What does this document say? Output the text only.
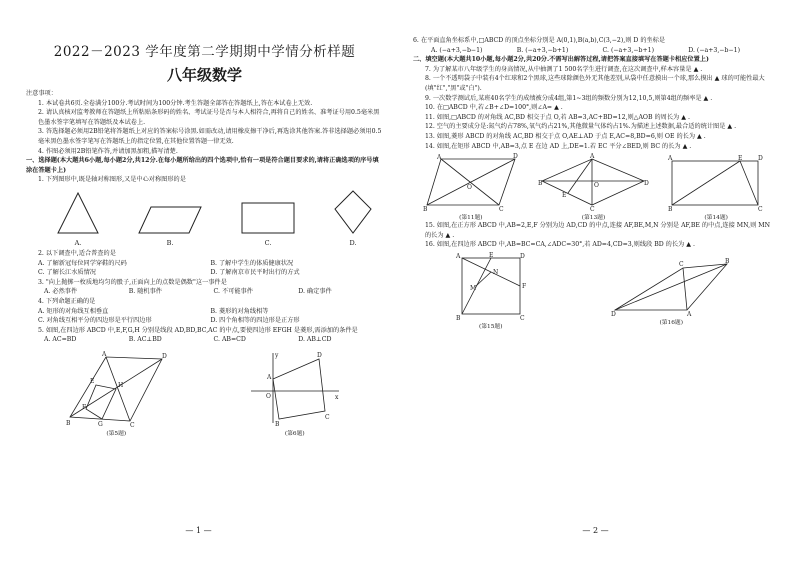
2022－2023 学年度第二学期期中学情分析样题

八年级数学

注意事项：

1. 本试卷共6页.全卷满分100分.考试时间为100分钟.考生答题全部答在答题纸上,答在本试卷上无效.

2. 请认真核对监考教师在答题纸上所粘贴条形码的姓名、考试证号是否与本人相符合,再将自己的姓名、准考证号用0.5毫米黑色墨水签字笔填写在答题纸及本试卷上.

3. 答选择题必须用2B铅笔将答题纸上对应的答案标号涂黑.如需改动,请用橡皮擦干净后,再选涂其他答案.答非选择题必须用0.5毫米黑色墨水签字笔写在答题纸上的指定位置,在其他位置答题一律无效.

4. 作图必须用2B铅笔作答,并请加黑加粗,描写清楚.

一、选择题(本大题共6小题,每小题2分,共12分.在每小题所给出的四个选项中,恰有一项是符合题目要求的,请将正确选项的序号填涂在答题卡上)

1. 下列图形中,既是轴对称图形,又是中心对称图形的是

A.	B.	C.	D.

2. 以下调查中,适合普查的是

A. 了解新冠每位同学穿鞋的尺码	B. 了解中学生的体质健康状况
C. 了解长江水质情况	D. 了解南京市民平时出行的方式

3. "向上抛掷一枚质地均匀的骰子,正面向上的点数是偶数"这一事件是

A. 必然事件	B. 随机事件	C. 不可能事件	D. 确定事件

4. 下列命题正确的是

A. 矩形的对角线互相垂直	B. 菱形的对角线相等
C. 对角线互相平分的四边形是平行四边形	D. 四个角相等的四边形是正方形

5. 如图,在四边形 ABCD 中,E,F,G,H 分别是线段 AD,BD,BC,AC 的中点,要使四边形 EFGH 是菱形,需添加的条件是

A. AC=BD	B. AC⊥BD	C. AB=CD	D. AB⊥CD
A	D
B	C
E
H
G
F
(第5题)
A
D
C
B
x
y
O
(第6题)
— 1 —

6. 在平面直角坐标系中,□ABCD 的顶点坐标分别是 A(0,1),B(a,b),C(3,−2),则 D 的坐标是

A. (−a+3,−b−1)	B. (−a+3,−b+1)	C. (−a+3,−b+1)	D. (−a+3,−b−1)

二、填空题(本大题共10小题,每小题2分,共20分.不需写出解答过程,请把答案直接填写在答题卡相应位置上)

7. 为了解某市八年级学生的身高情况,从中抽测了1 500名学生进行调查,在这次调查中,样本容量是 ▲ .

8. 一个不透明袋子中装有4个红球和2个黑球,这些球除颜色外无其他差别,从袋中任意摸出一个球,那么摸出 ▲ 球的可能性最大(填"红","黑"或"白").

9. 一次数学测试后,某班40名学生的成绩被分成4组,第1~3组的频数分别为12,10,5,则第4组的频率是 ▲ .

10. 在□ABCD 中,若∠B+∠D=100°,则∠A= ▲ .

11. 如图,□ABCD 的对角线 AC,BD 相交于点 O,若 AB=3,AC+BD=12,则△AOB 的周长为 ▲ .

12. 空气的主要成分是:氮气约占78%,氧气约占21%,其他微量气体约占1%.为描述上述数据,最合适的统计图是 ▲ .

13. 如图,菱形 ABCD 的对角线 AC,BD 相交于点 O,AE⊥AD 于点 E,AC=8,BD=6,则 OE 的长为 ▲ .

14. 如图,在矩形 ABCD 中,AB=3,点 E 在边 AD 上,DE=1.若 EC 平分∠BED,则 BC 的长为 ▲ .

A	D
B	C
O
(第11题)
A
D
C
B
E
O
(第13题)
A	E	D
B	C
(第14题)

15. 如图,在正方形 ABCD 中,AB=2,E,F 分别为边 AD,CD 的中点,连接 AF,BE,M,N 分别是 AF,BE 的中点,连接 MN,则 MN 的长为 ▲ .

16. 如图,在四边形 ABCD 中,AB=BC=CA,∠ADC=30°,若 AD=4,CD=3,则线段 BD 的长为 ▲ .

A	E	D
B	C
F
M
N
(第15题)
D
C	B
A
(第16题)
— 2 —
